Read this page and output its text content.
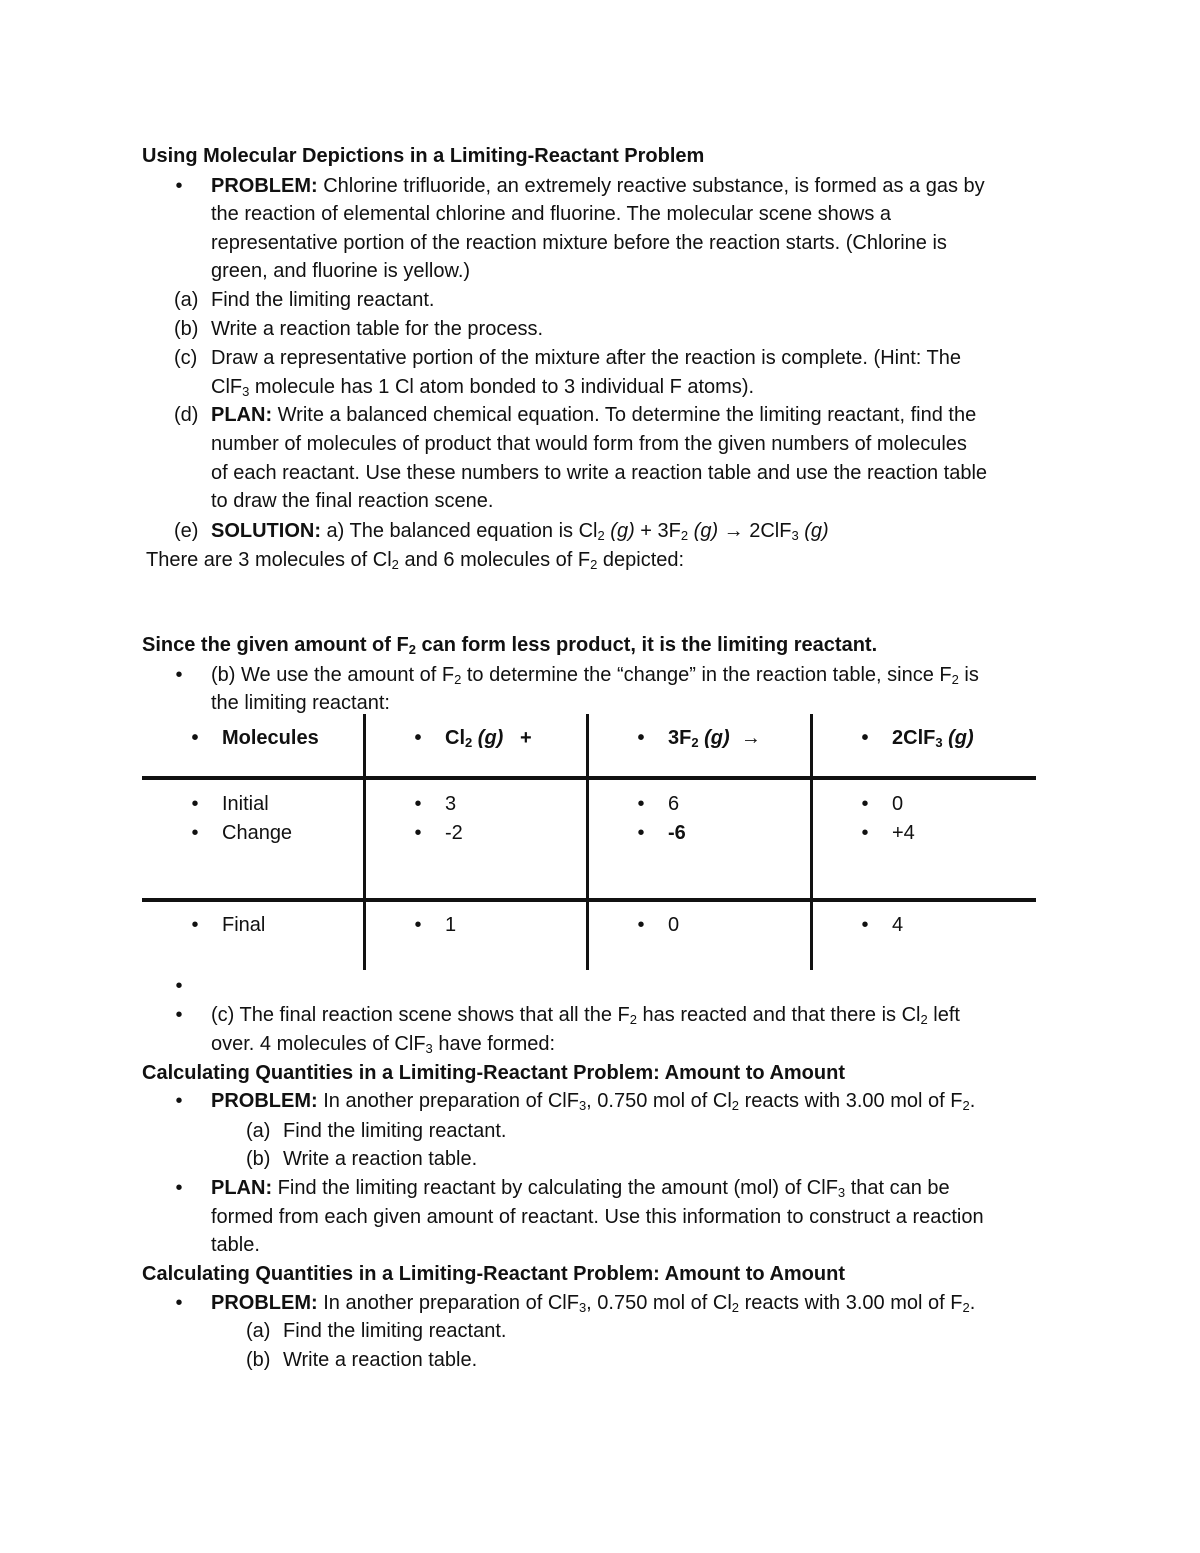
Using Molecular Depictions in a Limiting-Reactant Problem
• PROBLEM: Chlorine trifluoride, an extremely reactive substance, is formed as a gas by
the reaction of elemental chlorine and fluorine. The molecular scene shows a
representative portion of the reaction mixture before the reaction starts. (Chlorine is
green, and fluorine is yellow.)
(a) Find the limiting reactant.
(b) Write a reaction table for the process.
(c) Draw a representative portion of the mixture after the reaction is complete. (Hint: The
ClF$_3$ molecule has 1 Cl atom bonded to 3 individual F atoms).
(d) PLAN: Write a balanced chemical equation. To determine the limiting reactant, find the
number of molecules of product that would form from the given numbers of molecules
of each reactant. Use these numbers to write a reaction table and use the reaction table
to draw the final reaction scene.
(e) SOLUTION: a) The balanced equation is $Cl_2$ $(g) + 3F_2$ (g) → 2ClF$_3$ (g)
There are 3 molecules of $Cl_2$ and 6 molecules of $F_2$ depicted:
Since the given amount of $F_2$ can form less product, it is the limiting reactant.
• (b) We use the amount of $F_2$ to determine the “change” in the reaction table, since $F_2$ is
the limiting reactant:
• Molecules	• $Cl_2$ (g) +	• $3F_2$ (g) →	• 2ClF$_3$ (g)
• Initial	• 3	• 6	• 0
• Change	• -2	• -6	• +4
• Final	• 1	• 0	• 4
•
• (c) The final reaction scene shows that all the $F_2$ has reacted and that there is $Cl_2$ left
over. 4 molecules of ClF$_3$ have formed:
Calculating Quantities in a Limiting-Reactant Problem: Amount to Amount
• PROBLEM: In another preparation of ClF$_3$, 0.750 mol of $Cl_2$ reacts with 3.00 mol of $F_2$.
(a) Find the limiting reactant.
(b) Write a reaction table.
• PLAN: Find the limiting reactant by calculating the amount (mol) of ClF$_3$ that can be
formed from each given amount of reactant. Use this information to construct a reaction
table.
Calculating Quantities in a Limiting-Reactant Problem: Amount to Amount
• PROBLEM: In another preparation of ClF$_3$, 0.750 mol of $Cl_2$ reacts with 3.00 mol of $F_2$.
(a) Find the limiting reactant.
(b) Write a reaction table.
